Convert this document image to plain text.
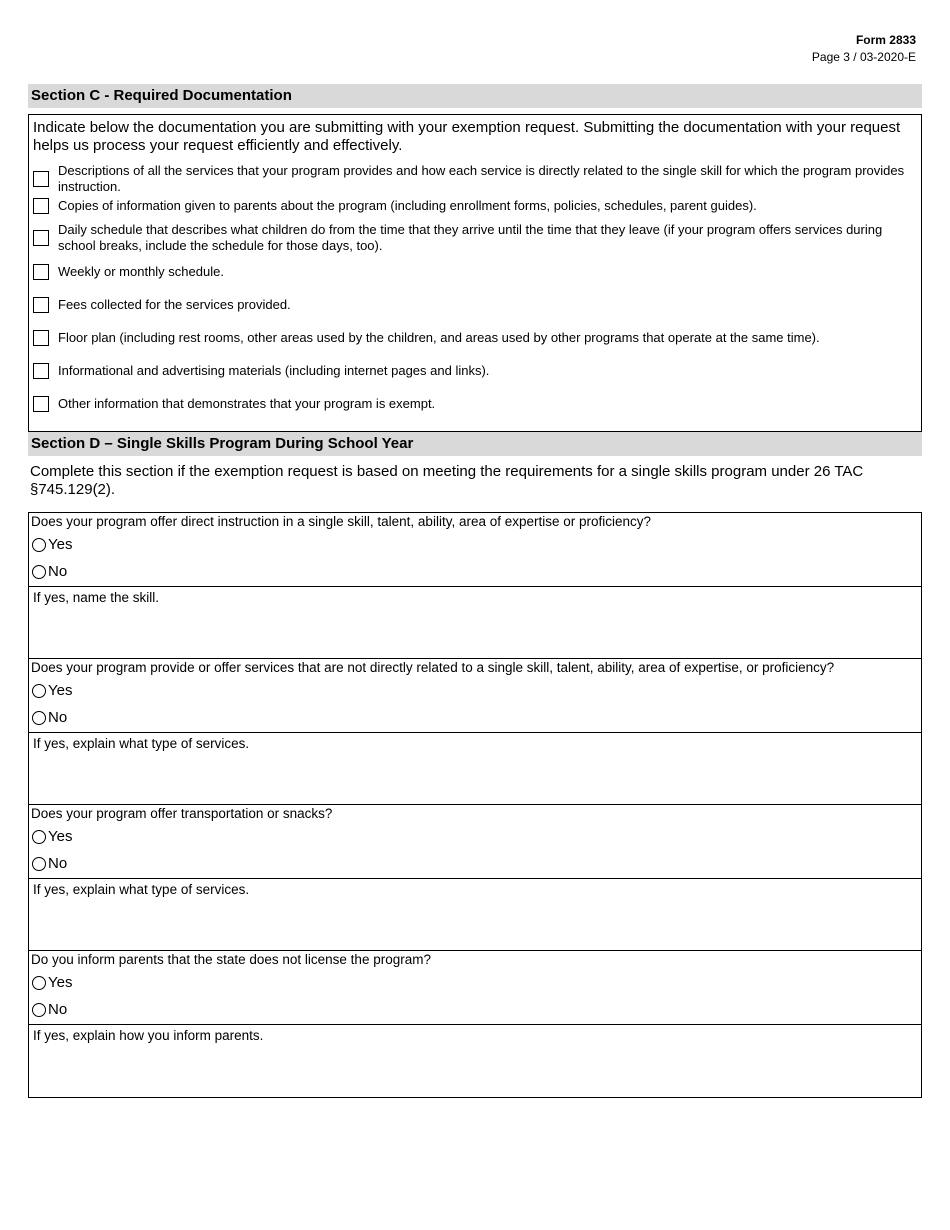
Form 2833
Page 3 / 03-2020-E
Section C - Required Documentation
Indicate below the documentation you are submitting with your exemption request. Submitting the documentation with your request helps us process your request efficiently and effectively.
Descriptions of all the services that your program provides and how each service is directly related to the single skill for which the program provides instruction.
Copies of information given to parents about the program (including enrollment forms, policies, schedules, parent guides).
Daily schedule that describes what children do from the time that they arrive until the time that they leave (if your program offers services during school breaks, include the schedule for those days, too).
Weekly or monthly schedule.
Fees collected for the services provided.
Floor plan (including rest rooms, other areas used by the children, and areas used by other programs that operate at the same time).
Informational and advertising materials (including internet pages and links).
Other information that demonstrates that your program is exempt.
Section D – Single Skills Program During School Year
Complete this section if the exemption request is based on meeting the requirements for a single skills program under 26 TAC §745.129(2).
Does your program offer direct instruction in a single skill, talent, ability, area of expertise or proficiency?
Yes
No
If yes, name the skill.
Does your program provide or offer services that are not directly related to a single skill, talent, ability, area of expertise, or proficiency?
Yes
No
If yes, explain what type of services.
Does your program offer transportation or snacks?
Yes
No
If yes, explain what type of services.
Do you inform parents that the state does not license the program?
Yes
No
If yes, explain how you inform parents.
